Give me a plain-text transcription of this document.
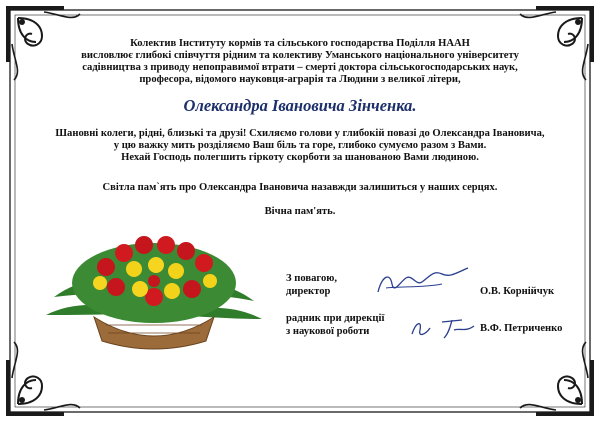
Колектив Інституту кормів та сільського господарства Поділля НААН
висловлює глибокі співчуття рідним та колективу Уманського національного університету
садівництва з приводу непоправимої втрати – смерті доктора сільськогосподарських наук,
професора, відомого науковця-аграрія та Людини з великої літери,
Олександра Івановича Зінченка.
Шановні колеги, рідні, близькі та друзі! Схиляємо голови у глибокій повазі до Олександра Івановича,
у цю важку мить розділяємо Ваш біль та горе, глибоко сумуємо разом з Вами.
Нехай Господь полегшить гіркоту скорботи за шанованою Вами людиною.
Світла пам`ять про Олександра Івановича назавжди залишиться у наших серцях.
Вічна пам'ять.
З повагою,
директор	О.В. Корнійчук
радник при дирекції
з наукової роботи	В.Ф. Петриченко
